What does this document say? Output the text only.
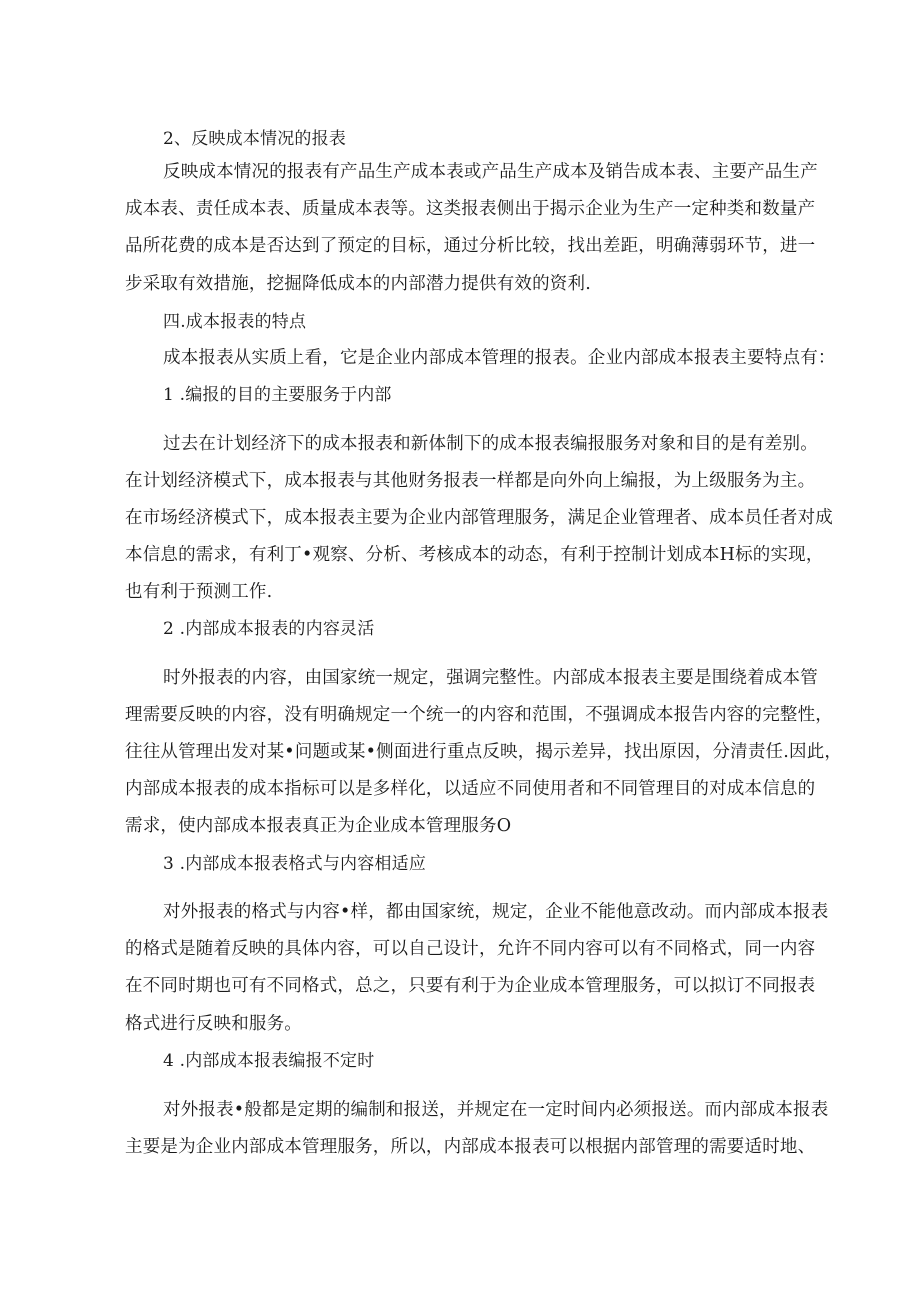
2、反映成本情况的报表
反映成本情况的报表有产品生产成本表或产品生产成本及销告成本表、主要产品生产
成本表、责任成本表、质量成本表等。这类报表侧出于揭示企业为生产一定种类和数量产
品所花费的成本是否达到了预定的目标，通过分析比较，找出差距，明确薄弱环节，进一
步采取有效措施，挖掘降低成本的内部潜力提供有效的资利.
四.成本报表的特点
成本报表从实质上看，它是企业内部成本管理的报表。企业内部成本报表主要特点有：
1 .编报的目的主要服务于内部
过去在计划经济下的成本报表和新体制下的成本报表编报服务对象和目的是有差别。
在计划经济模式下，成本报表与其他财务报表一样都是向外向上编报，为上级服务为主。
在市场经济模式下，成本报表主要为企业内部管理服务，满足企业管理者、成本员任者对成
本信息的需求，有利丁•观察、分析、考核成本的动态，有利于控制计划成本H标的实现，
也有利于预测工作.
2 .内部成本报表的内容灵活
时外报表的内容，由国家统一规定，强调完整性。内部成本报表主要是围绕着成本管
理需要反映的内容，没有明确规定一个统一的内容和范围，不强调成本报告内容的完整性，
往往从管理出发对某•问题或某•侧面进行重点反映，揭示差异，找出原因，分清责任.因此，
内部成本报表的成本指标可以是多样化，以适应不同使用者和不同管理目的对成本信息的
需求，使内部成本报表真正为企业成本管理服务O
3 .内部成本报表格式与内容相适应
对外报表的格式与内容•样，都由国家统，规定，企业不能他意改动。而内部成本报表
的格式是随着反映的具体内容，可以自己设计，允许不同内容可以有不同格式，同一内容
在不同时期也可有不同格式，总之，只要有利于为企业成本管理服务，可以拟订不同报表
格式进行反映和服务。
4 .内部成本报表编报不定时
对外报表•般都是定期的编制和报送，并规定在一定时间内必须报送。而内部成本报表
主要是为企业内部成本管理服务，所以，内部成本报表可以根据内部管理的需要适时地、
